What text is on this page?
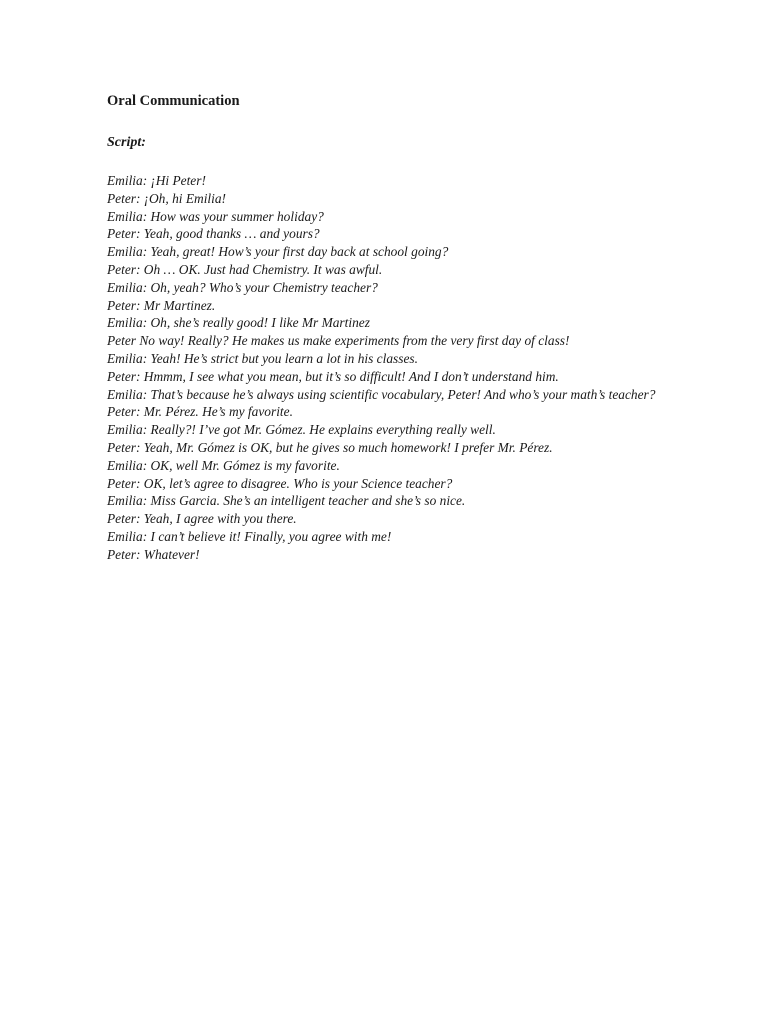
Oral Communication

Script:

Emilia: ¡Hi Peter!
Peter: ¡Oh, hi Emilia!
Emilia: How was your summer holiday?
Peter: Yeah, good thanks … and yours?
Emilia: Yeah, great! How’s your first day back at school going?
Peter: Oh … OK. Just had Chemistry. It was awful.
Emilia: Oh, yeah? Who’s your Chemistry teacher?
Peter: Mr Martinez.
Emilia: Oh, she’s really good! I like Mr Martinez
Peter No way! Really? He makes us make experiments from the very first day of class!
Emilia: Yeah! He’s strict but you learn a lot in his classes.
Peter: Hmmm, I see what you mean, but it’s so difficult! And I don’t understand him.
Emilia: That’s because he’s always using scientific vocabulary, Peter! And who’s your math’s teacher?
Peter: Mr. Pérez. He’s my favorite.
Emilia: Really?! I’ve got Mr. Gómez. He explains everything really well.
Peter: Yeah, Mr. Gómez is OK, but he gives so much homework! I prefer Mr. Pérez.
Emilia: OK, well Mr. Gómez is my favorite.
Peter: OK, let’s agree to disagree. Who is your Science teacher?
Emilia: Miss Garcia. She’s an intelligent teacher and she’s so nice.
Peter: Yeah, I agree with you there.
Emilia: I can’t believe it! Finally, you agree with me!
Peter: Whatever!
